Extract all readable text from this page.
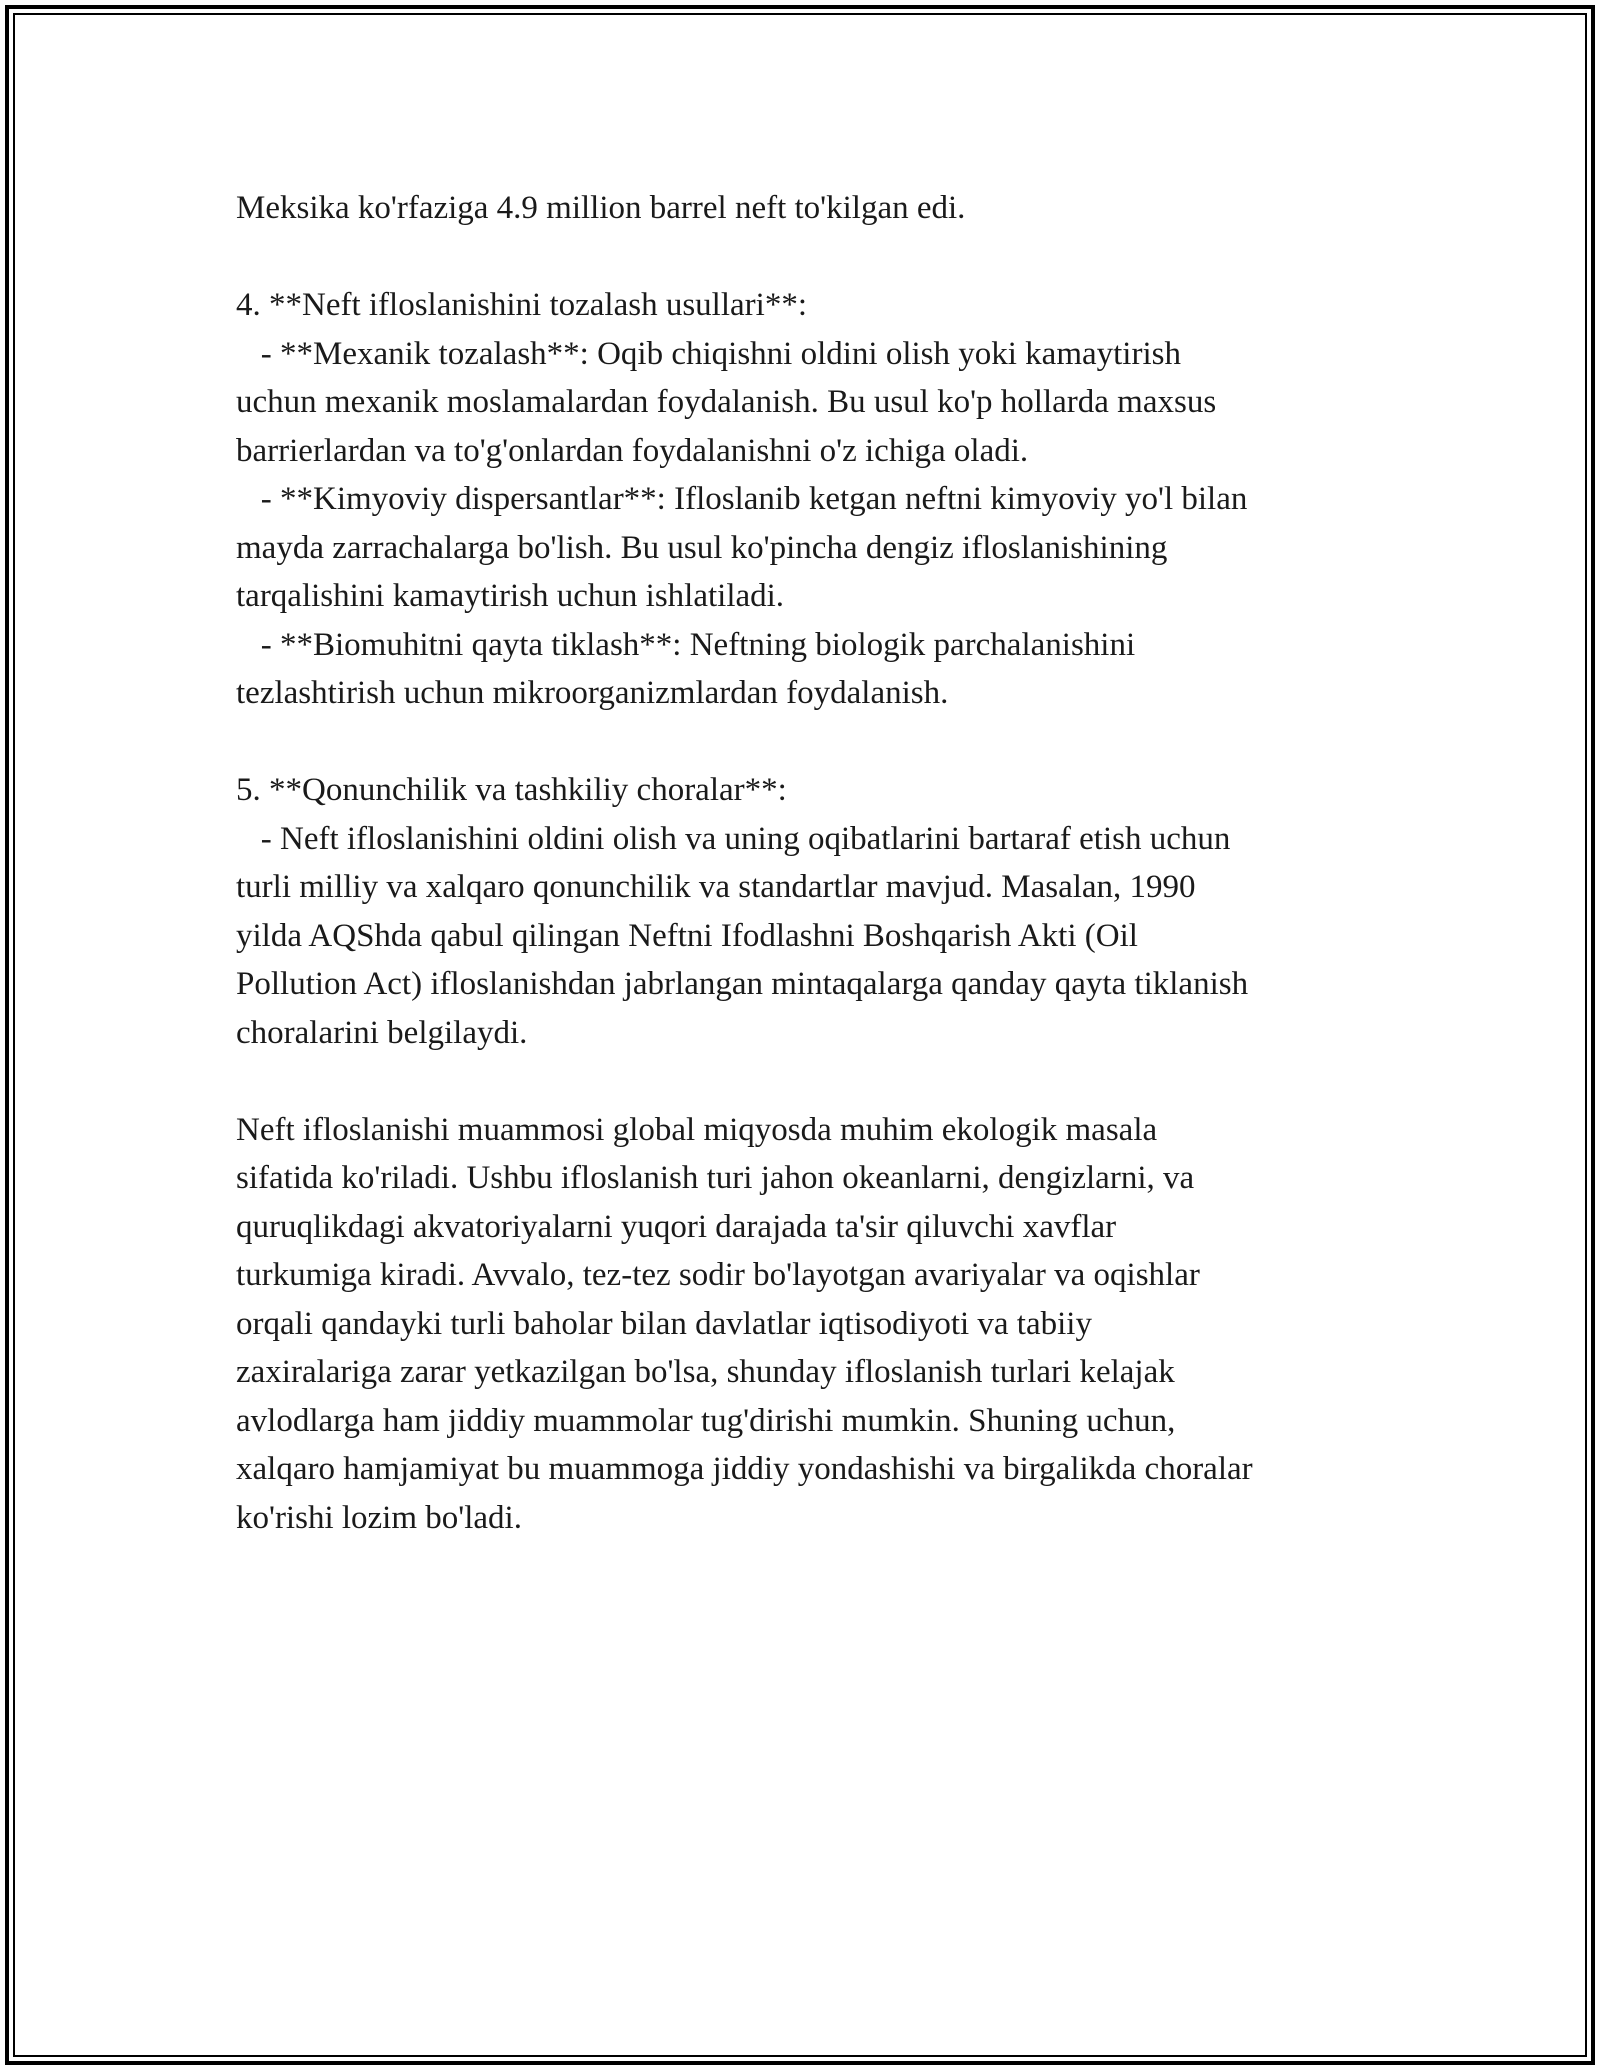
Meksika ko'rfaziga 4.9 million barrel neft to'kilgan edi.
4. **Neft ifloslanishini tozalash usullari**:
- **Mexanik tozalash**: Oqib chiqishni oldini olish yoki kamaytirish
uchun mexanik moslamalardan foydalanish. Bu usul ko'p hollarda maxsus
barrierlardan va to'g'onlardan foydalanishni o'z ichiga oladi.
- **Kimyoviy dispersantlar**: Ifloslanib ketgan neftni kimyoviy yo'l bilan
mayda zarrachalarga bo'lish. Bu usul ko'pincha dengiz ifloslanishining
tarqalishini kamaytirish uchun ishlatiladi.
- **Biomuhitni qayta tiklash**: Neftning biologik parchalanishini
tezlashtirish uchun mikroorganizmlardan foydalanish.
5. **Qonunchilik va tashkiliy choralar**:
- Neft ifloslanishini oldini olish va uning oqibatlarini bartaraf etish uchun
turli milliy va xalqaro qonunchilik va standartlar mavjud. Masalan, 1990
yilda AQShda qabul qilingan Neftni Ifodlashni Boshqarish Akti (Oil
Pollution Act) ifloslanishdan jabrlangan mintaqalarga qanday qayta tiklanish
choralarini belgilaydi.
Neft ifloslanishi muammosi global miqyosda muhim ekologik masala
sifatida ko'riladi. Ushbu ifloslanish turi jahon okeanlarni, dengizlarni, va
quruqlikdagi akvatoriyalarni yuqori darajada ta'sir qiluvchi xavflar
turkumiga kiradi. Avvalo, tez-tez sodir bo'layotgan avariyalar va oqishlar
orqali qandayki turli baholar bilan davlatlar iqtisodiyoti va tabiiy
zaxiralariga zarar yetkazilgan bo'lsa, shunday ifloslanish turlari kelajak
avlodlarga ham jiddiy muammolar tug'dirishi mumkin. Shuning uchun,
xalqaro hamjamiyat bu muammoga jiddiy yondashishi va birgalikda choralar
ko'rishi lozim bo'ladi.
